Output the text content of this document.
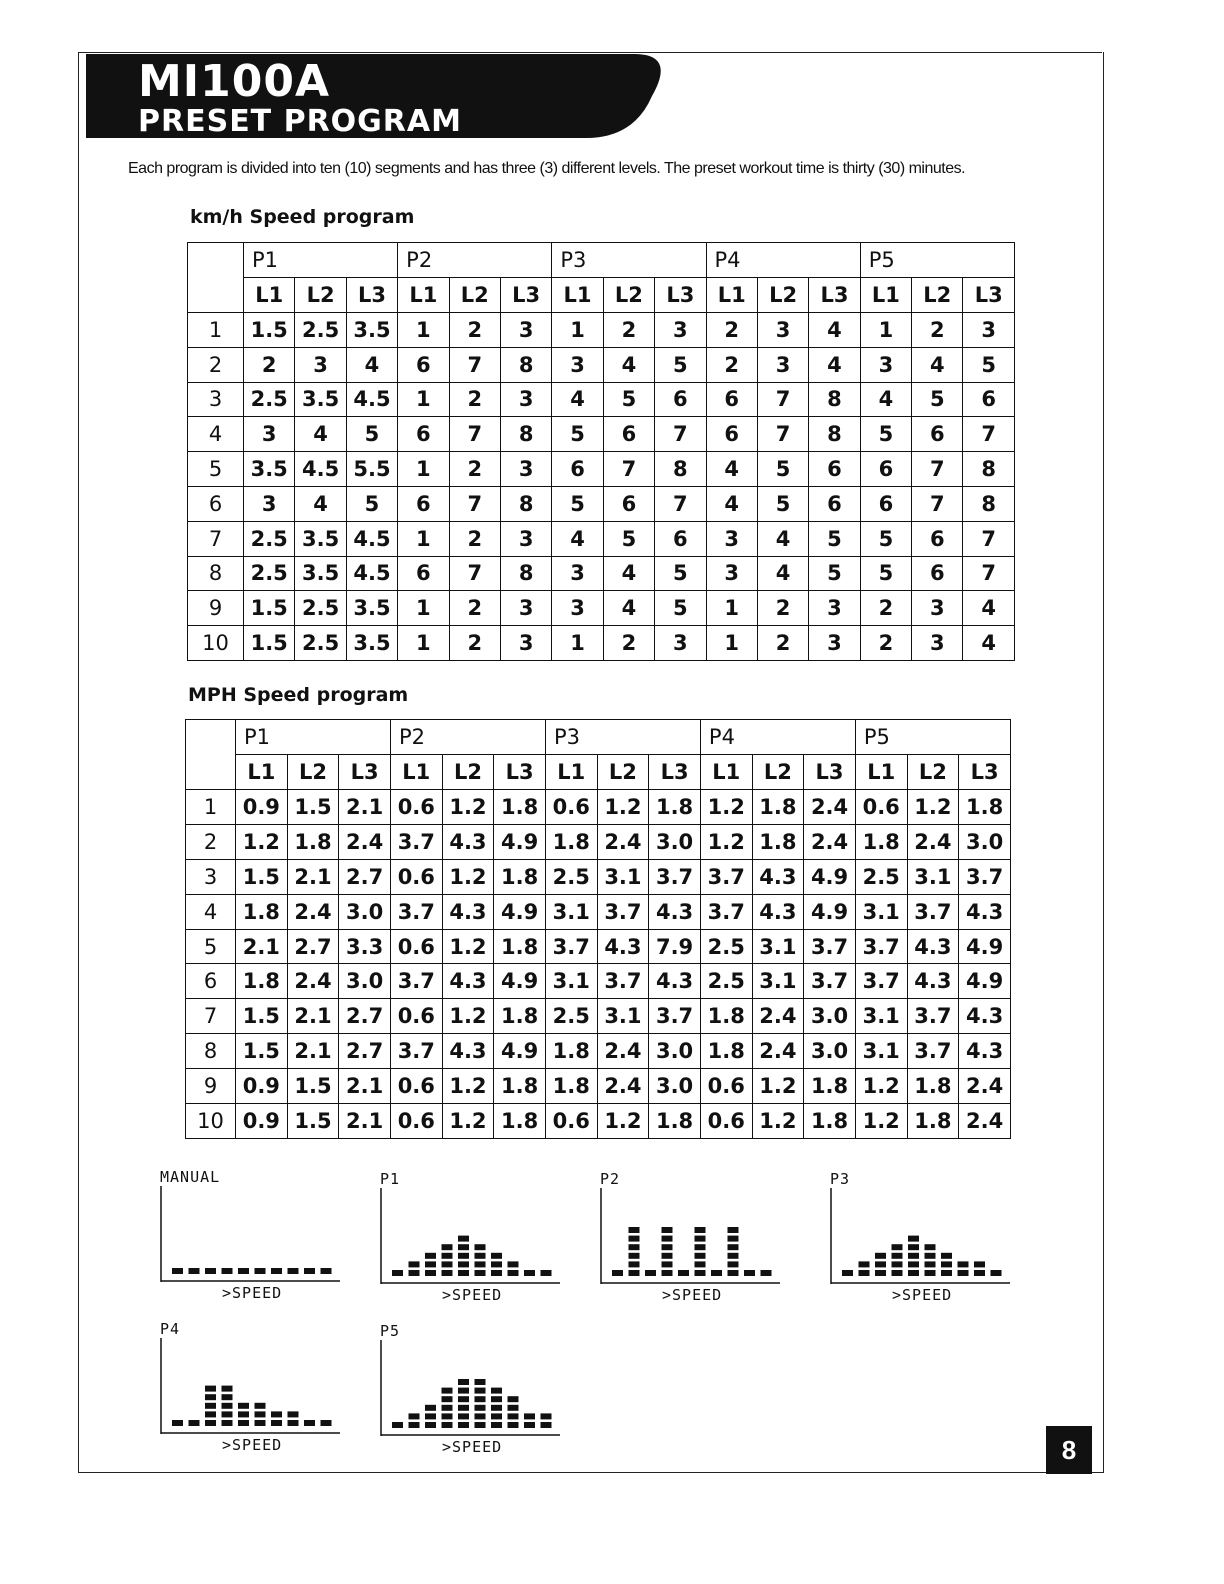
MI100A
PRESET PROGRAM
Each program is divided into ten (10) segments and has three (3) different levels. The preset workout time is thirty (30) minutes.
km/h Speed program
	P1			P2			P3			P4			P5		
	L1	L2	L3	L1	L2	L3	L1	L2	L3	L1	L2	L3	L1	L2	L3
1	1.5	2.5	3.5	1	2	3	1	2	3	2	3	4	1	2	3
2	2	3	4	6	7	8	3	4	5	2	3	4	3	4	5
3	2.5	3.5	4.5	1	2	3	4	5	6	6	7	8	4	5	6
4	3	4	5	6	7	8	5	6	7	6	7	8	5	6	7
5	3.5	4.5	5.5	1	2	3	6	7	8	4	5	6	6	7	8
6	3	4	5	6	7	8	5	6	7	4	5	6	6	7	8
7	2.5	3.5	4.5	1	2	3	4	5	6	3	4	5	5	6	7
8	2.5	3.5	4.5	6	7	8	3	4	5	3	4	5	5	6	7
9	1.5	2.5	3.5	1	2	3	3	4	5	1	2	3	2	3	4
10	1.5	2.5	3.5	1	2	3	1	2	3	1	2	3	2	3	4
MPH Speed program
	P1			P2			P3			P4			P5		
	L1	L2	L3	L1	L2	L3	L1	L2	L3	L1	L2	L3	L1	L2	L3
1	0.9	1.5	2.1	0.6	1.2	1.8	0.6	1.2	1.8	1.2	1.8	2.4	0.6	1.2	1.8
2	1.2	1.8	2.4	3.7	4.3	4.9	1.8	2.4	3.0	1.2	1.8	2.4	1.8	2.4	3.0
3	1.5	2.1	2.7	0.6	1.2	1.8	2.5	3.1	3.7	3.7	4.3	4.9	2.5	3.1	3.7
4	1.8	2.4	3.0	3.7	4.3	4.9	3.1	3.7	4.3	3.7	4.3	4.9	3.1	3.7	4.3
5	2.1	2.7	3.3	0.6	1.2	1.8	3.7	4.3	7.9	2.5	3.1	3.7	3.7	4.3	4.9
6	1.8	2.4	3.0	3.7	4.3	4.9	3.1	3.7	4.3	2.5	3.1	3.7	3.7	4.3	4.9
7	1.5	2.1	2.7	0.6	1.2	1.8	2.5	3.1	3.7	1.8	2.4	3.0	3.1	3.7	4.3
8	1.5	2.1	2.7	3.7	4.3	4.9	1.8	2.4	3.0	1.8	2.4	3.0	3.1	3.7	4.3
9	0.9	1.5	2.1	0.6	1.2	1.8	1.8	2.4	3.0	0.6	1.2	1.8	1.2	1.8	2.4
10	0.9	1.5	2.1	0.6	1.2	1.8	0.6	1.2	1.8	0.6	1.2	1.8	1.2	1.8	2.4
MANUAL
>SPEED
P1
>SPEED
P2
>SPEED
P3
>SPEED
P4
>SPEED
P5
>SPEED	8
